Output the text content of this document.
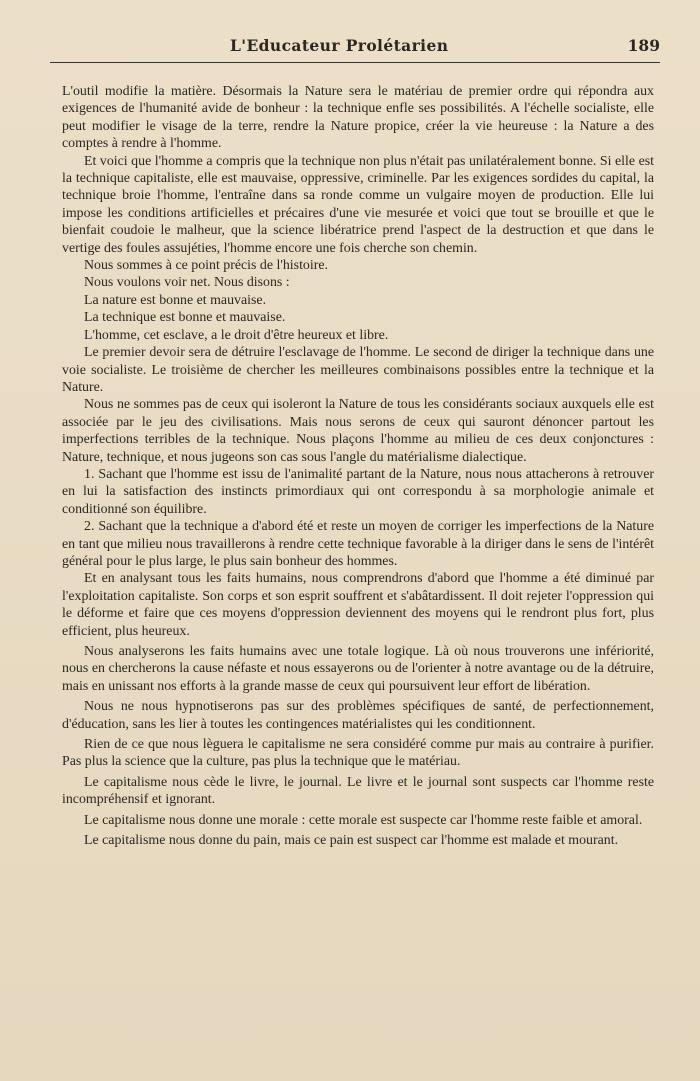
L'Educateur Prolétarien	189

L'outil modifie la matière. Désormais la Nature sera le matériau de premier ordre qui répondra aux exigences de l'humanité avide de bonheur : la technique enfle ses possibilités. A l'échelle socialiste, elle peut modifier le visage de la terre, rendre la Nature propice, créer la vie heureuse : la Nature a des comptes à rendre à l'homme.

Et voici que l'homme a compris que la technique non plus n'était pas unilatéralement bonne. Si elle est la technique capitaliste, elle est mauvaise, oppressive, criminelle. Par les exigences sordides du capital, la technique broie l'homme, l'entraîne dans sa ronde comme un vulgaire moyen de production. Elle lui impose les conditions artificielles et précaires d'une vie mesurée et voici que tout se brouille et que le bienfait coudoie le malheur, que la science libératrice prend l'aspect de la destruction et que dans le vertige des foules assujéties, l'homme encore une fois cherche son chemin.

Nous sommes à ce point précis de l'histoire.

Nous voulons voir net. Nous disons :

La nature est bonne et mauvaise.

La technique est bonne et mauvaise.

L'homme, cet esclave, a le droit d'être heureux et libre.

Le premier devoir sera de détruire l'esclavage de l'homme. Le second de diriger la technique dans une voie socialiste. Le troisième de chercher les meilleures combinaisons possibles entre la technique et la Nature.

Nous ne sommes pas de ceux qui isoleront la Nature de tous les considérants sociaux auxquels elle est associée par le jeu des civilisations. Mais nous serons de ceux qui sauront dénoncer partout les imperfections terribles de la technique. Nous plaçons l'homme au milieu de ces deux conjonctures : Nature, technique, et nous jugeons son cas sous l'angle du matérialisme dialectique.

1. Sachant que l'homme est issu de l'animalité partant de la Nature, nous nous attacherons à retrouver en lui la satisfaction des instincts primordiaux qui ont correspondu à sa morphologie animale et conditionné son équilibre.

2. Sachant que la technique a d'abord été et reste un moyen de corriger les imperfections de la Nature en tant que milieu nous travaillerons à rendre cette technique favorable à la diriger dans le sens de l'intérêt général pour le plus large, le plus sain bonheur des hommes.

Et en analysant tous les faits humains, nous comprendrons d'abord que l'homme a été diminué par l'exploitation capitaliste. Son corps et son esprit souffrent et s'abâtardissent. Il doit rejeter l'oppression qui le déforme et faire que ces moyens d'oppression deviennent des moyens qui le rendront plus fort, plus efficient, plus heureux.

Nous analyserons les faits humains avec une totale logique. Là où nous trouverons une infériorité, nous en chercherons la cause néfaste et nous essayerons ou de l'orienter à notre avantage ou de la détruire, mais en unissant nos efforts à la grande masse de ceux qui poursuivent leur effort de libération.

Nous ne nous hypnotiserons pas sur des problèmes spécifiques de santé, de perfectionnement, d'éducation, sans les lier à toutes les contingences matérialistes qui les conditionnent.

Rien de ce que nous lèguera le capitalisme ne sera considéré comme pur mais au contraire à purifier. Pas plus la science que la culture, pas plus la technique que le matériau.

Le capitalisme nous cède le livre, le journal. Le livre et le journal sont suspects car l'homme reste incompréhensif et ignorant.

Le capitalisme nous donne une morale : cette morale est suspecte car l'homme reste faible et amoral.

Le capitalisme nous donne du pain, mais ce pain est suspect car l'homme est malade et mourant.
